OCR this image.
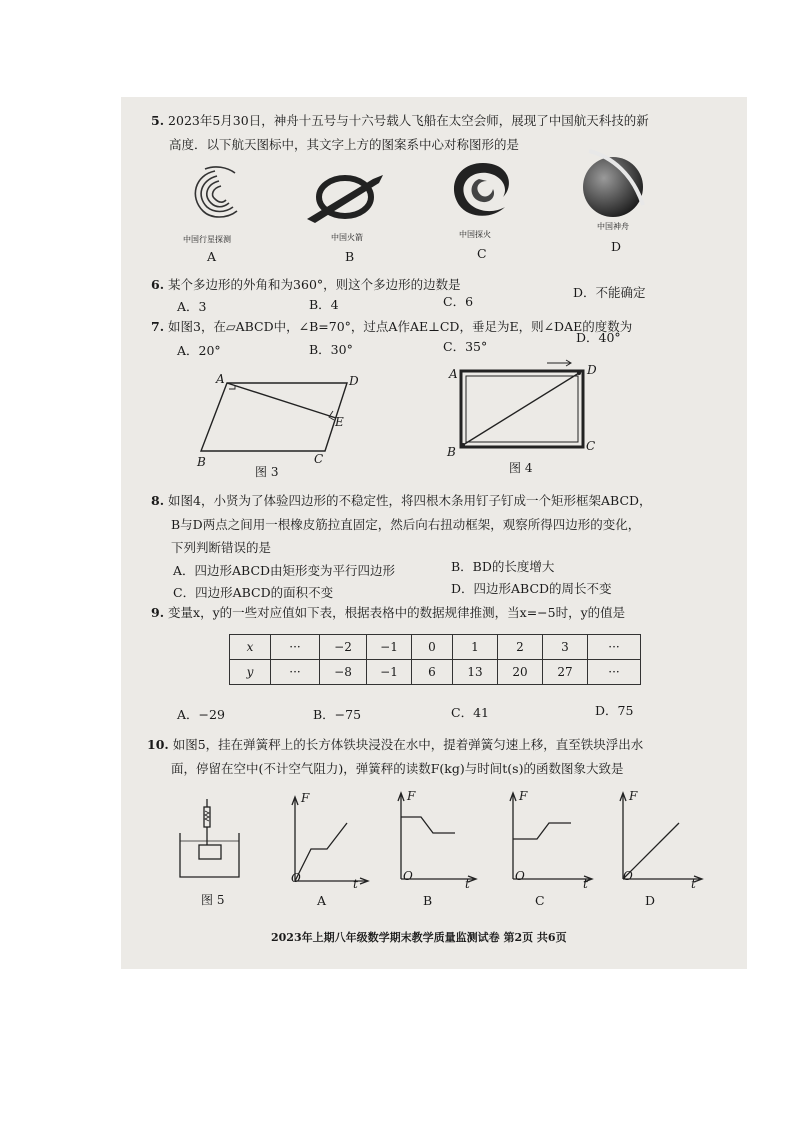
5. 2023年5月30日，神舟十五号与十六号载人飞船在太空会师，展现了中国航天科技的新
高度．以下航天图标中，其文字上方的图案系中心对称图形的是
中国行星探测
A
中国火箭
B
中国探火
C
中国神舟
D
6. 某个多边形的外角和为360°，则这个多边形的边数是
A．3	B．4	C．6
D．不能确定
7. 如图3，在▱ABCD中，∠B=70°，过点A作AE⊥CD，垂足为E，则∠DAE的度数为
A．20°	B．30°	C．35°
D．40°
A	D
E
B	C
图 3
A	D
B	C
图 4
8. 如图4，小贤为了体验四边形的不稳定性，将四根木条用钉子钉成一个矩形框架ABCD，
B与D两点之间用一根橡皮筋拉直固定，然后向右扭动框架，观察所得四边形的变化，
下列判断错误的是
A．四边形ABCD由矩形变为平行四边形	B．BD的长度增大
C．四边形ABCD的面积不变	D．四边形ABCD的周长不变
9. 变量x，y的一些对应值如下表，根据表格中的数据规律推测，当x=−5时，y的值是
x	···	−2	−1	0	1	2	3	···
y	···	−8	−1	6	13	20	27	···
A．−29	B．−75	C．41	D．75
10. 如图5，挂在弹簧秤上的长方体铁块浸没在水中，提着弹簧匀速上移，直至铁块浮出水
面，停留在空中(不计空气阻力)，弹簧秤的读数F(kg)与时间t(s)的函数图象大致是
图 5
F
t
O
A
F
t
O
B
F
t
O
C
F
t
O
D
2023年上期八年级数学期末教学质量监测试卷 第2页 共6页
